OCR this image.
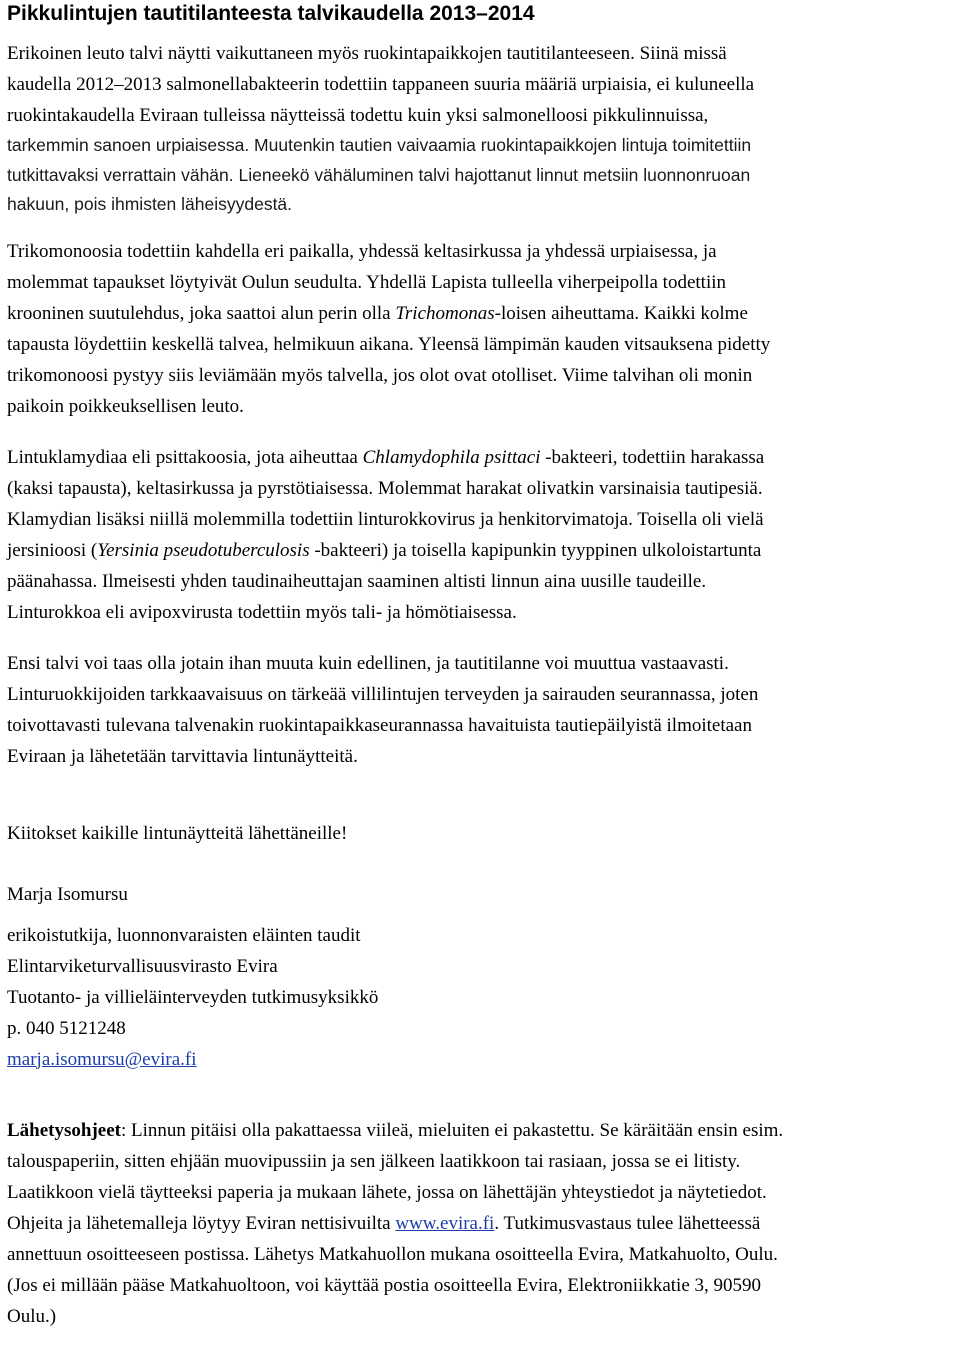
Pikkulintujen tautitilanteesta talvikaudella 2013–2014
Erikoinen leuto talvi näytti vaikuttaneen myös ruokintapaikkojen tautitilanteeseen. Siinä missä
kaudella 2012–2013 salmonellabakteerin todettiin tappaneen suuria määriä urpiaisia, ei kuluneella
ruokintakaudella Eviraan tulleissa näytteissä todettu kuin yksi salmonelloosi pikkulinnuissa,
tarkemmin sanoen urpiaisessa. Muutenkin tautien vaivaamia ruokintapaikkojen lintuja toimitettiin
tutkittavaksi verrattain vähän. Lieneekö vähäluminen talvi hajottanut linnut metsiin luonnonruoan
hakuun, pois ihmisten läheisyydestä.
Trikomonoosia todettiin kahdella eri paikalla, yhdessä keltasirkussa ja yhdessä urpiaisessa, ja
molemmat tapaukset löytyivät Oulun seudulta. Yhdellä Lapista tulleella viherpeipolla todettiin
krooninen suutulehdus, joka saattoi alun perin olla Trichomonas-loisen aiheuttama. Kaikki kolme
tapausta löydettiin keskellä talvea, helmikuun aikana. Yleensä lämpimän kauden vitsauksena pidetty
trikomonoosi pystyy siis leviämään myös talvella, jos olot ovat otolliset. Viime talvihan oli monin
paikoin poikkeuksellisen leuto.
Lintuklamydiaa eli psittakoosia, jota aiheuttaa Chlamydophila psittaci -bakteeri, todettiin harakassa
(kaksi tapausta), keltasirkussa ja pyrstötiaisessa. Molemmat harakat olivatkin varsinaisia tautipesiä.
Klamydian lisäksi niillä molemmilla todettiin linturokkovirus ja henkitorvimatoja. Toisella oli vielä
jersinioosi (Yersinia pseudotuberculosis -bakteeri) ja toisella kapipunkin tyyppinen ulkoloistartunta
päänahassa. Ilmeisesti yhden taudinaiheuttajan saaminen altisti linnun aina uusille taudeille.
Linturokkoa eli avipoxvirusta todettiin myös tali- ja hömötiaisessa.
Ensi talvi voi taas olla jotain ihan muuta kuin edellinen, ja tautitilanne voi muuttua vastaavasti.
Linturuokkijoiden tarkkaavaisuus on tärkeää villilintujen terveyden ja sairauden seurannassa, joten
toivottavasti tulevana talvenakin ruokintapaikkaseurannassa havaituista tautiepäilyistä ilmoitetaan
Eviraan ja lähetetään tarvittavia lintunäytteitä.
Kiitokset kaikille lintunäytteitä lähettäneille!
Marja Isomursu
erikoistutkija, luonnonvaraisten eläinten taudit
Elintarviketurvallisuusvirasto Evira
Tuotanto- ja villieläinterveyden tutkimusyksikkö
p. 040 5121248
marja.isomursu@evira.fi
Lähetysohjeet: Linnun pitäisi olla pakattaessa viileä, mieluiten ei pakastettu. Se käräitään ensin esim.
talouspaperiin, sitten ehjään muovipussiin ja sen jälkeen laatikkoon tai rasiaan, jossa se ei litisty.
Laatikkoon vielä täytteeksi paperia ja mukaan lähete, jossa on lähettäjän yhteystiedot ja näytetiedot.
Ohjeita ja lähetemalleja löytyy Eviran nettisivuilta www.evira.fi. Tutkimusvastaus tulee lähetteessä
annettuun osoitteeseen postissa. Lähetys Matkahuollon mukana osoitteella Evira, Matkahuolto, Oulu.
(Jos ei millään pääse Matkahuoltoon, voi käyttää postia osoitteella Evira, Elektroniikkatie 3, 90590
Oulu.)
